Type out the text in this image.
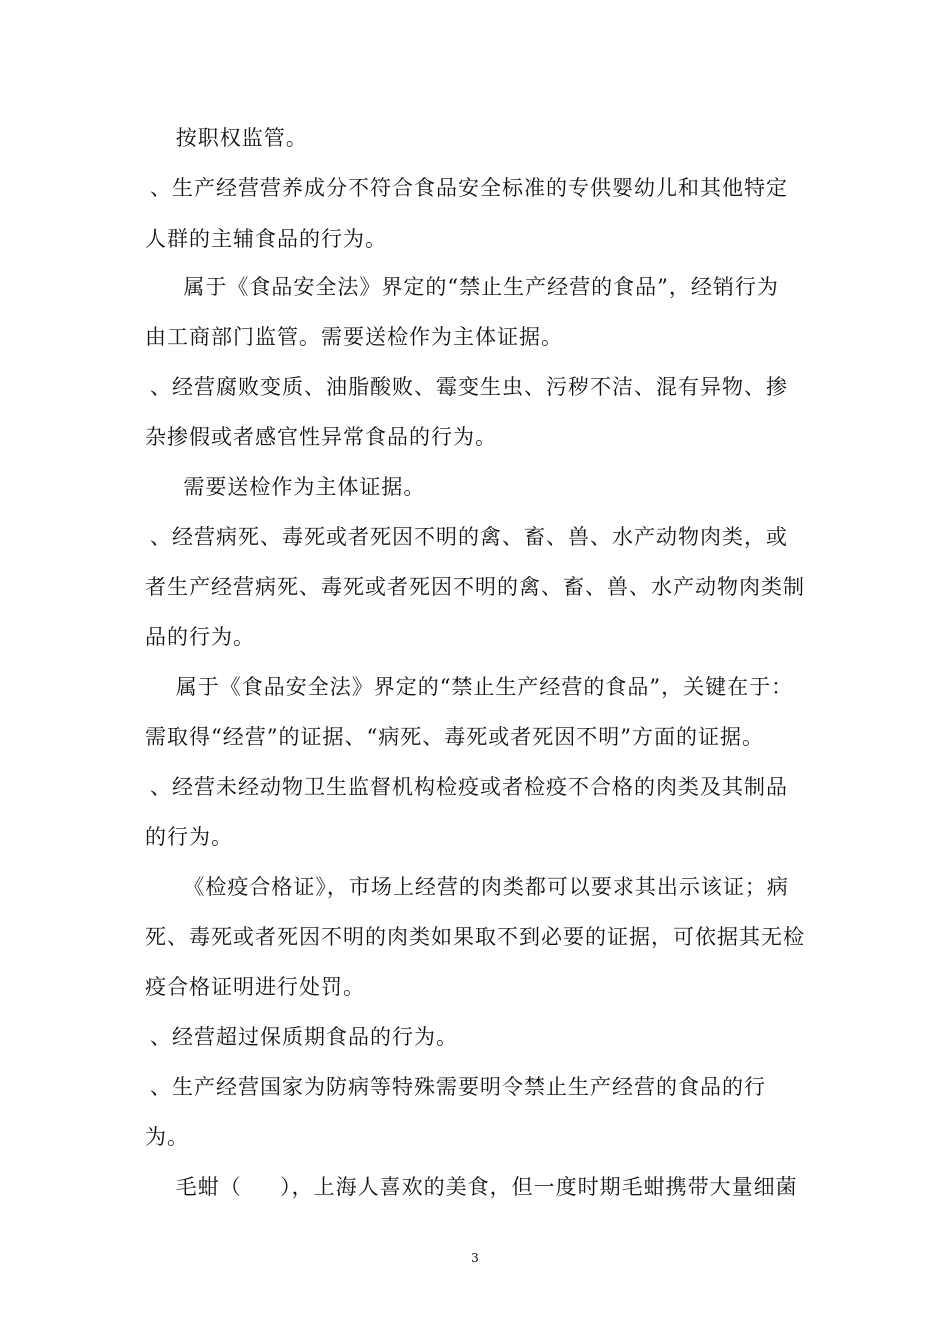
按职权监管。
、生产经营营养成分不符合食品安全标准的专供婴幼儿和其他特定
人群的主辅食品的行为。
属于《食品安全法》界定的“禁止生产经营的食品”，经销行为
由工商部门监管。需要送检作为主体证据。
、经营腐败变质、油脂酸败、霉变生虫、污秽不洁、混有异物、掺
杂掺假或者感官性异常食品的行为。
需要送检作为主体证据。
、经营病死、毒死或者死因不明的禽、畜、兽、水产动物肉类，或
者生产经营病死、毒死或者死因不明的禽、畜、兽、水产动物肉类制
品的行为。
属于《食品安全法》界定的“禁止生产经营的食品”，关键在于：
需取得“经营”的证据、“病死、毒死或者死因不明”方面的证据。
、经营未经动物卫生监督机构检疫或者检疫不合格的肉类及其制品
的行为。
《检疫合格证》，市场上经营的肉类都可以要求其出示该证；病
死、毒死或者死因不明的肉类如果取不到必要的证据，可依据其无检
疫合格证明进行处罚。
、经营超过保质期食品的行为。
、生产经营国家为防病等特殊需要明令禁止生产经营的食品的行
为。
毛蚶（     ），上海人喜欢的美食，但一度时期毛蚶携带大量细菌
3
